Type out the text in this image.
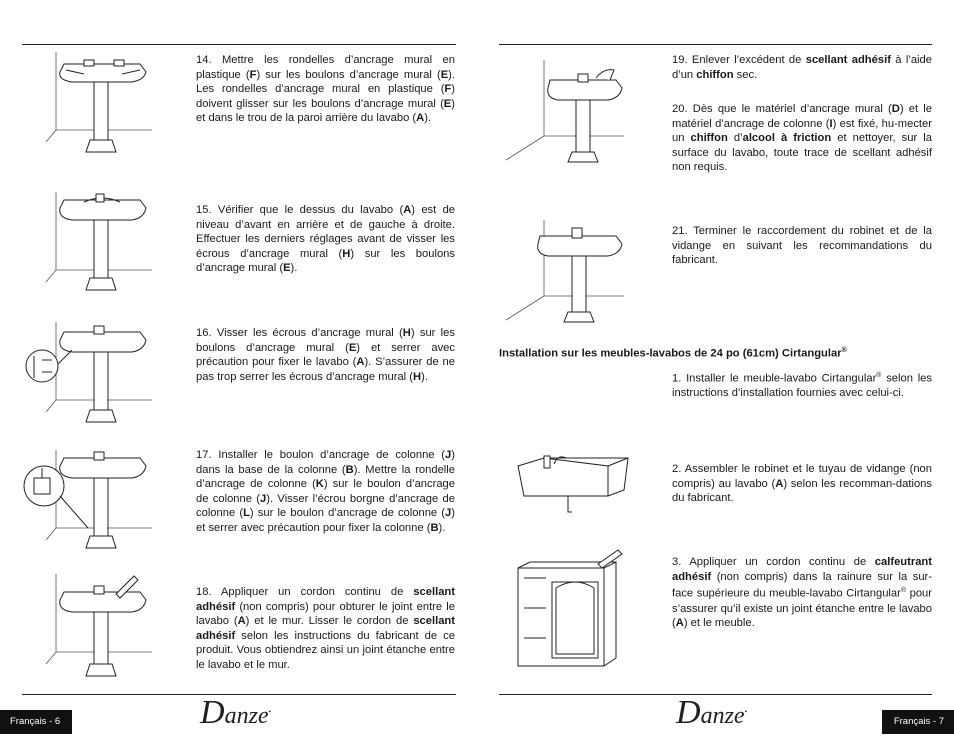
14. Mettre les rondelles d’ancrage mural en plastique (F) sur les boulons d’ancrage mural (E). Les rondelles d’ancrage mural en plastique (F) doivent glisser sur les boulons d’ancrage mural (E) et dans le trou de la paroi arrière du lavabo (A).
15. Vérifier que le dessus du lavabo (A) est de niveau d’avant en arrière et de gauche à droite. Effectuer les derniers réglages avant de visser les écrous d’ancrage mural (H) sur les boulons d’ancrage mural (E).
16. Visser les écrous d’ancrage mural (H) sur les boulons d’ancrage mural (E) et serrer avec précaution pour fixer le lavabo (A). S’assurer de ne pas trop serrer les écrous d’ancrage mural (H).
17. Installer le boulon d’ancrage de colonne (J) dans la base de la colonne (B). Mettre la rondelle d’ancrage de colonne (K) sur le boulon d’ancrage de colonne (J). Visser l’écrou borgne d’ancrage de colonne (L) sur le boulon d’ancrage de colonne (J) et serrer avec précaution pour fixer la colonne (B).
18. Appliquer un cordon continu de scellant adhésif (non compris) pour obturer le joint entre le lavabo (A) et le mur. Lisser le cordon de scellant adhésif selon les instructions du fabricant de ce produit. Vous obtiendrez ainsi un joint étanche entre le lavabo et le mur.
19. Enlever l’excédent de scellant adhésif à l’aide d’un chiffon sec.
20. Dès que le matériel d’ancrage mural (D) et le matériel d’ancrage de colonne (I) est fixé, hu-mecter un chiffon d’alcool à friction et nettoyer, sur la surface du lavabo, toute trace de scellant adhésif non requis.
21. Terminer le raccordement du robinet et de la vidange en suivant les recommandations du fabricant.
Installation sur les meubles-lavabos de 24 po (61cm) Cirtangular®
1. Installer le meuble-lavabo Cirtangular® selon les instructions d’installation fournies avec celui-ci.
2. Assembler le robinet et le tuyau de vidange (non compris) au lavabo (A) selon les recomman-dations du fabricant.
3. Appliquer un cordon continu de calfeutrant adhésif (non compris) dans la rainure sur la sur-face supérieure du meuble-lavabo Cirtangular® pour s’assurer qu’il existe un joint étanche entre le lavabo (A) et le meuble.
Français - 6	Français - 7
Danze•	Danze•
